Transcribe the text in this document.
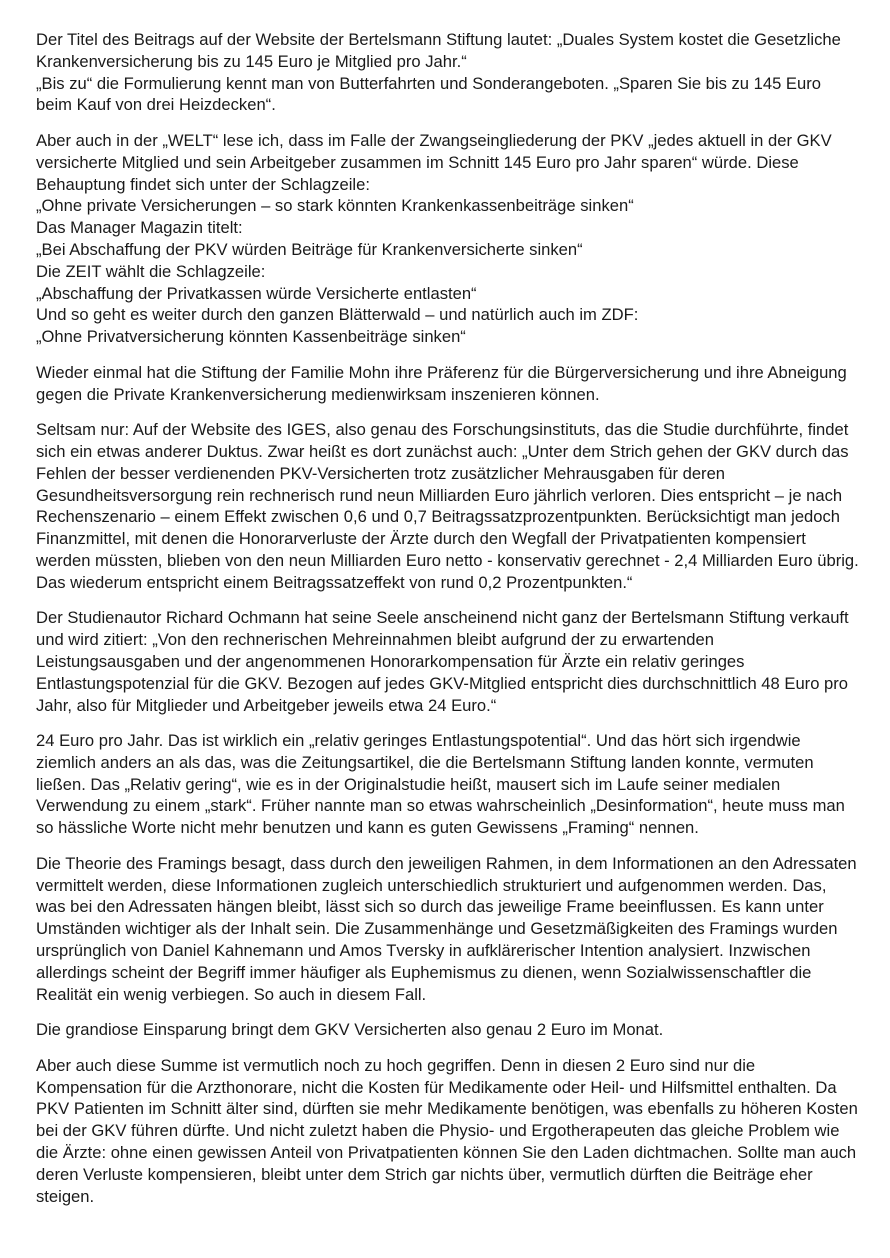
Der Titel des Beitrags auf der Website der Bertelsmann Stiftung lautet: „Duales System kostet die Gesetzliche
Krankenversicherung bis zu 145 Euro je Mitglied pro Jahr.“
„Bis zu“ die Formulierung kennt man von Butterfahrten und Sonderangeboten. „Sparen Sie bis zu 145 Euro
beim Kauf von drei Heizdecken“.
Aber auch in der „WELT“ lese ich, dass im Falle der Zwangseingliederung der PKV „jedes aktuell in der GKV
versicherte Mitglied und sein Arbeitgeber zusammen im Schnitt 145 Euro pro Jahr sparen“ würde. Diese
Behauptung findet sich unter der Schlagzeile:
„Ohne private Versicherungen – so stark könnten Krankenkassenbeiträge sinken“
Das Manager Magazin titelt:
„Bei Abschaffung der PKV würden Beiträge für Krankenversicherte sinken“
Die ZEIT wählt die Schlagzeile:
„Abschaffung der Privatkassen würde Versicherte entlasten“
Und so geht es weiter durch den ganzen Blätterwald – und natürlich auch im ZDF:
„Ohne Privatversicherung könnten Kassenbeiträge sinken“
Wieder einmal hat die Stiftung der Familie Mohn ihre Präferenz für die Bürgerversicherung und ihre Abneigung
gegen die Private Krankenversicherung medienwirksam inszenieren können.
Seltsam nur: Auf der Website des IGES, also genau des Forschungsinstituts, das die Studie durchführte, findet
sich ein etwas anderer Duktus. Zwar heißt es dort zunächst auch: „Unter dem Strich gehen der GKV durch das
Fehlen der besser verdienenden PKV-Versicherten trotz zusätzlicher Mehrausgaben für deren
Gesundheitsversorgung rein rechnerisch rund neun Milliarden Euro jährlich verloren. Dies entspricht – je nach
Rechenszenario – einem Effekt zwischen 0,6 und 0,7 Beitragssatzprozentpunkten. Berücksichtigt man jedoch
Finanzmittel, mit denen die Honorarverluste der Ärzte durch den Wegfall der Privatpatienten kompensiert
werden müssten, blieben von den neun Milliarden Euro netto - konservativ gerechnet - 2,4 Milliarden Euro übrig.
Das wiederum entspricht einem Beitragssatzeffekt von rund 0,2 Prozentpunkten.“
Der Studienautor Richard Ochmann hat seine Seele anscheinend nicht ganz der Bertelsmann Stiftung verkauft
und wird zitiert: „Von den rechnerischen Mehreinnahmen bleibt aufgrund der zu erwartenden
Leistungsausgaben und der angenommenen Honorarkompensation für Ärzte ein relativ geringes
Entlastungspotenzial für die GKV. Bezogen auf jedes GKV-Mitglied entspricht dies durchschnittlich 48 Euro pro
Jahr, also für Mitglieder und Arbeitgeber jeweils etwa 24 Euro.“
24 Euro pro Jahr. Das ist wirklich ein „relativ geringes Entlastungspotential“. Und das hört sich irgendwie
ziemlich anders an als das, was die Zeitungsartikel, die die Bertelsmann Stiftung landen konnte, vermuten
ließen. Das „Relativ gering“, wie es in der Originalstudie heißt, mausert sich im Laufe seiner medialen
Verwendung zu einem „stark“. Früher nannte man so etwas wahrscheinlich „Desinformation“, heute muss man
so hässliche Worte nicht mehr benutzen und kann es guten Gewissens „Framing“ nennen.
Die Theorie des Framings besagt, dass durch den jeweiligen Rahmen, in dem Informationen an den Adressaten
vermittelt werden, diese Informationen zugleich unterschiedlich strukturiert und aufgenommen werden. Das,
was bei den Adressaten hängen bleibt, lässt sich so durch das jeweilige Frame beeinflussen. Es kann unter
Umständen wichtiger als der Inhalt sein. Die Zusammenhänge und Gesetzmäßigkeiten des Framings wurden
ursprünglich von Daniel Kahnemann und Amos Tversky in aufklärerischer Intention analysiert. Inzwischen
allerdings scheint der Begriff immer häufiger als Euphemismus zu dienen, wenn Sozialwissenschaftler die
Realität ein wenig verbiegen. So auch in diesem Fall.
Die grandiose Einsparung bringt dem GKV Versicherten also genau 2 Euro im Monat.
Aber auch diese Summe ist vermutlich noch zu hoch gegriffen. Denn in diesen 2 Euro sind nur die
Kompensation für die Arzthonorare, nicht die Kosten für Medikamente oder Heil- und Hilfsmittel enthalten. Da
PKV Patienten im Schnitt älter sind, dürften sie mehr Medikamente benötigen, was ebenfalls zu höheren Kosten
bei der GKV führen dürfte. Und nicht zuletzt haben die Physio- und Ergotherapeuten das gleiche Problem wie
die Ärzte: ohne einen gewissen Anteil von Privatpatienten können Sie den Laden dichtmachen. Sollte man auch
deren Verluste kompensieren, bleibt unter dem Strich gar nichts über, vermutlich dürften die Beiträge eher
steigen.
